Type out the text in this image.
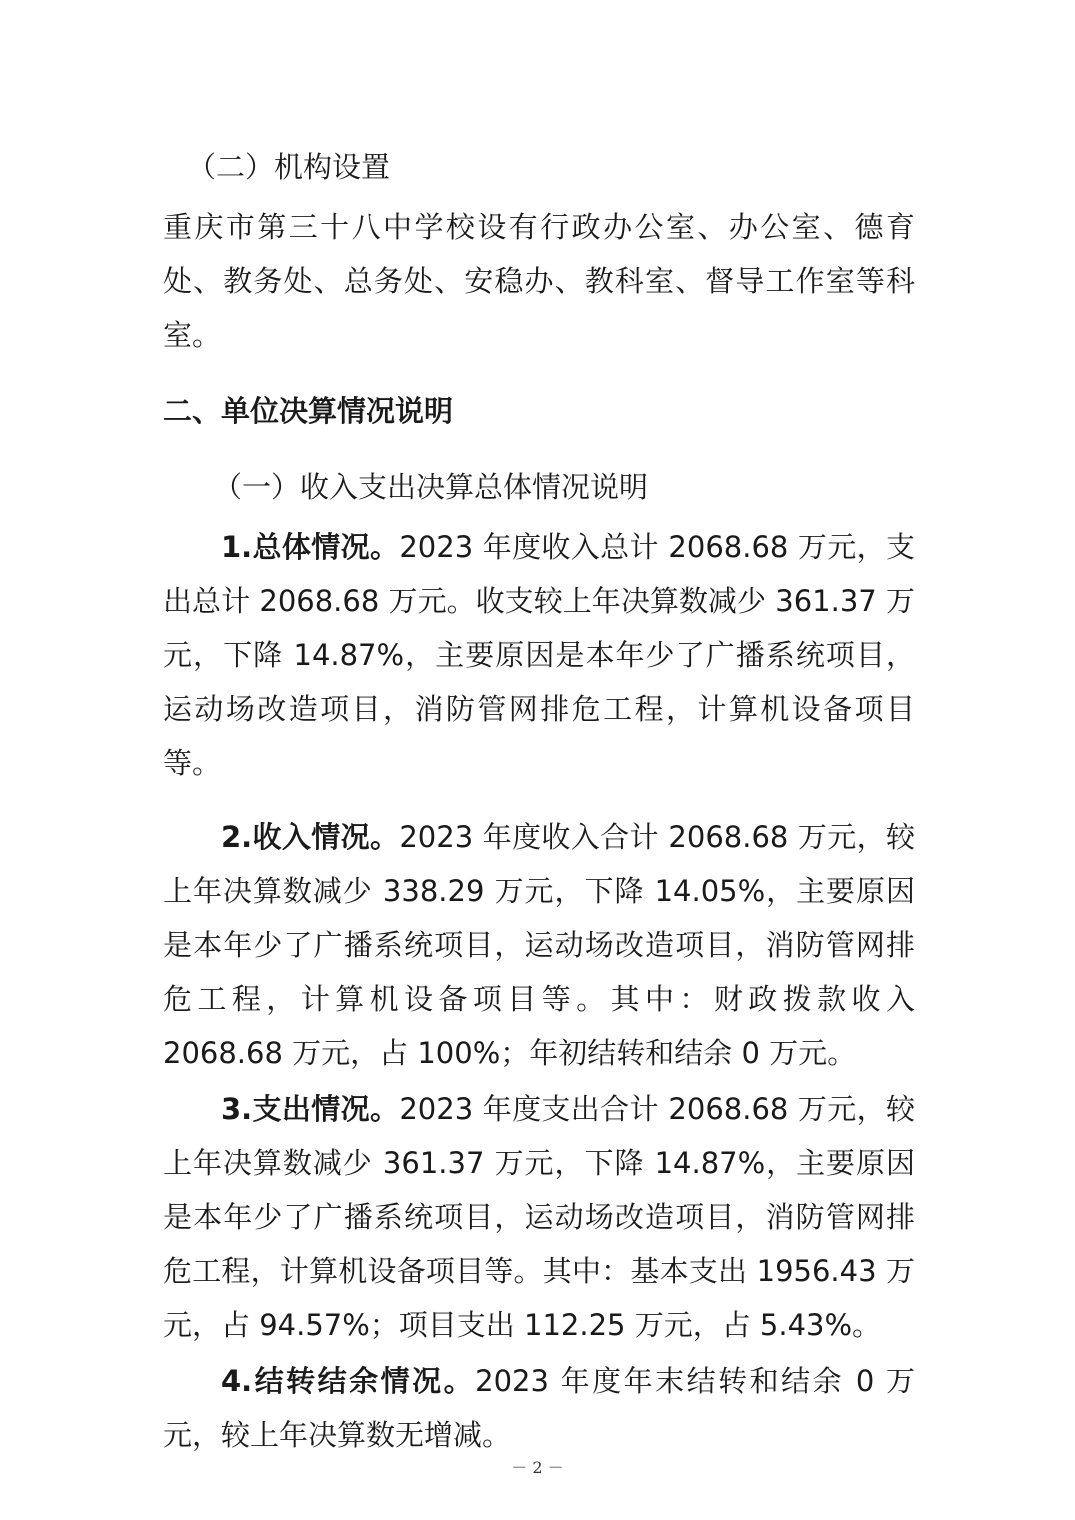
（二）机构设置
重庆市第三十八中学校设有行政办公室、办公室、德育处、教务处、总务处、安稳办、教科室、督导工作室等科室。
二、单位决算情况说明
（一）收入支出决算总体情况说明
1.总体情况。2023 年度收入总计 2068.68 万元，支出总计 2068.68 万元。收支较上年决算数减少 361.37 万元，下降 14.87%，主要原因是本年少了广播系统项目，运动场改造项目，消防管网排危工程，计算机设备项目等。
2.收入情况。2023 年度收入合计 2068.68 万元，较上年决算数减少 338.29 万元，下降 14.05%，主要原因是本年少了广播系统项目，运动场改造项目，消防管网排危工程，计算机设备项目等。其中：财政拨款收入 2068.68 万元，占 100%；年初结转和结余 0 万元。
3.支出情况。2023 年度支出合计 2068.68 万元，较上年决算数减少 361.37 万元，下降 14.87%，主要原因是本年少了广播系统项目，运动场改造项目，消防管网排危工程，计算机设备项目等。其中：基本支出 1956.43 万元，占 94.57%；项目支出 112.25 万元，占 5.43%。
4.结转结余情况。2023 年度年末结转和结余 0 万元，较上年决算数无增减。
－ 2 －
